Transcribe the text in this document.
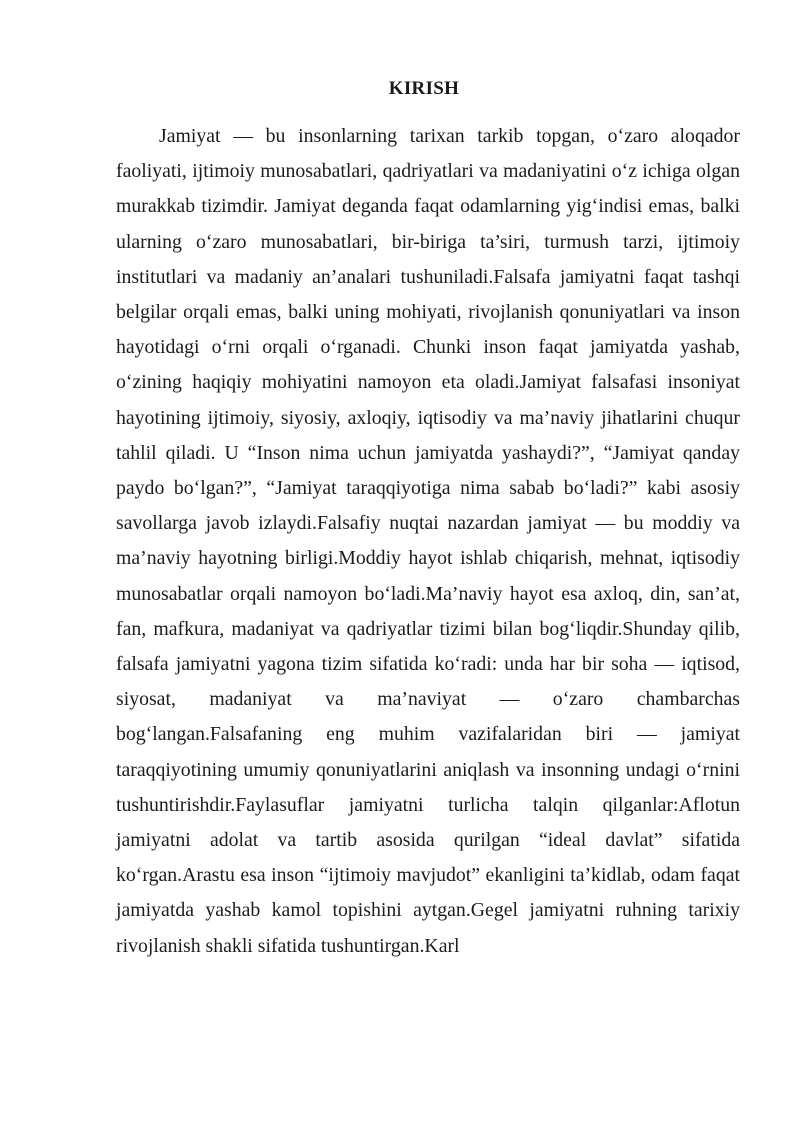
KIRISH

Jamiyat — bu insonlarning tarixan tarkib topgan, o‘zaro aloqador faoliyati, ijtimoiy munosabatlari, qadriyatlari va madaniyatini o‘z ichiga olgan murakkab tizimdir. Jamiyat deganda faqat odamlarning yig‘indisi emas, balki ularning o‘zaro munosabatlari, bir-biriga ta’siri, turmush tarzi, ijtimoiy institutlari va madaniy an’analari tushuniladi.Falsafa jamiyatni faqat tashqi belgilar orqali emas, balki uning mohiyati, rivojlanish qonuniyatlari va inson hayotidagi o‘rni orqali o‘rganadi. Chunki inson faqat jamiyatda yashab, o‘zining haqiqiy mohiyatini namoyon eta oladi.Jamiyat falsafasi insoniyat hayotining ijtimoiy, siyosiy, axloqiy, iqtisodiy va ma’naviy jihatlarini chuqur tahlil qiladi. U “Inson nima uchun jamiyatda yashaydi?”, “Jamiyat qanday paydo bo‘lgan?”, “Jamiyat taraqqiyotiga nima sabab bo‘ladi?” kabi asosiy savollarga javob izlaydi.Falsafiy nuqtai nazardan jamiyat — bu moddiy va ma’naviy hayotning birligi.Moddiy hayot ishlab chiqarish, mehnat, iqtisodiy munosabatlar orqali namoyon bo‘ladi.Ma’naviy hayot esa axloq, din, san’at, fan, mafkura, madaniyat va qadriyatlar tizimi bilan bog‘liqdir.Shunday qilib, falsafa jamiyatni yagona tizim sifatida ko‘radi: unda har bir soha — iqtisod, siyosat, madaniyat va ma’naviyat — o‘zaro chambarchas bog‘langan.Falsafaning eng muhim vazifalaridan biri — jamiyat taraqqiyotining umumiy qonuniyatlarini aniqlash va insonning undagi o‘rnini tushuntirishdir.Faylasuflar jamiyatni turlicha talqin qilganlar:Aflotun jamiyatni adolat va tartib asosida qurilgan “ideal davlat” sifatida ko‘rgan.Arastu esa inson “ijtimoiy mavjudot” ekanligini ta’kidlab, odam faqat jamiyatda yashab kamol topishini aytgan.Gegel jamiyatni ruhning tarixiy rivojlanish shakli sifatida tushuntirgan.Karl
